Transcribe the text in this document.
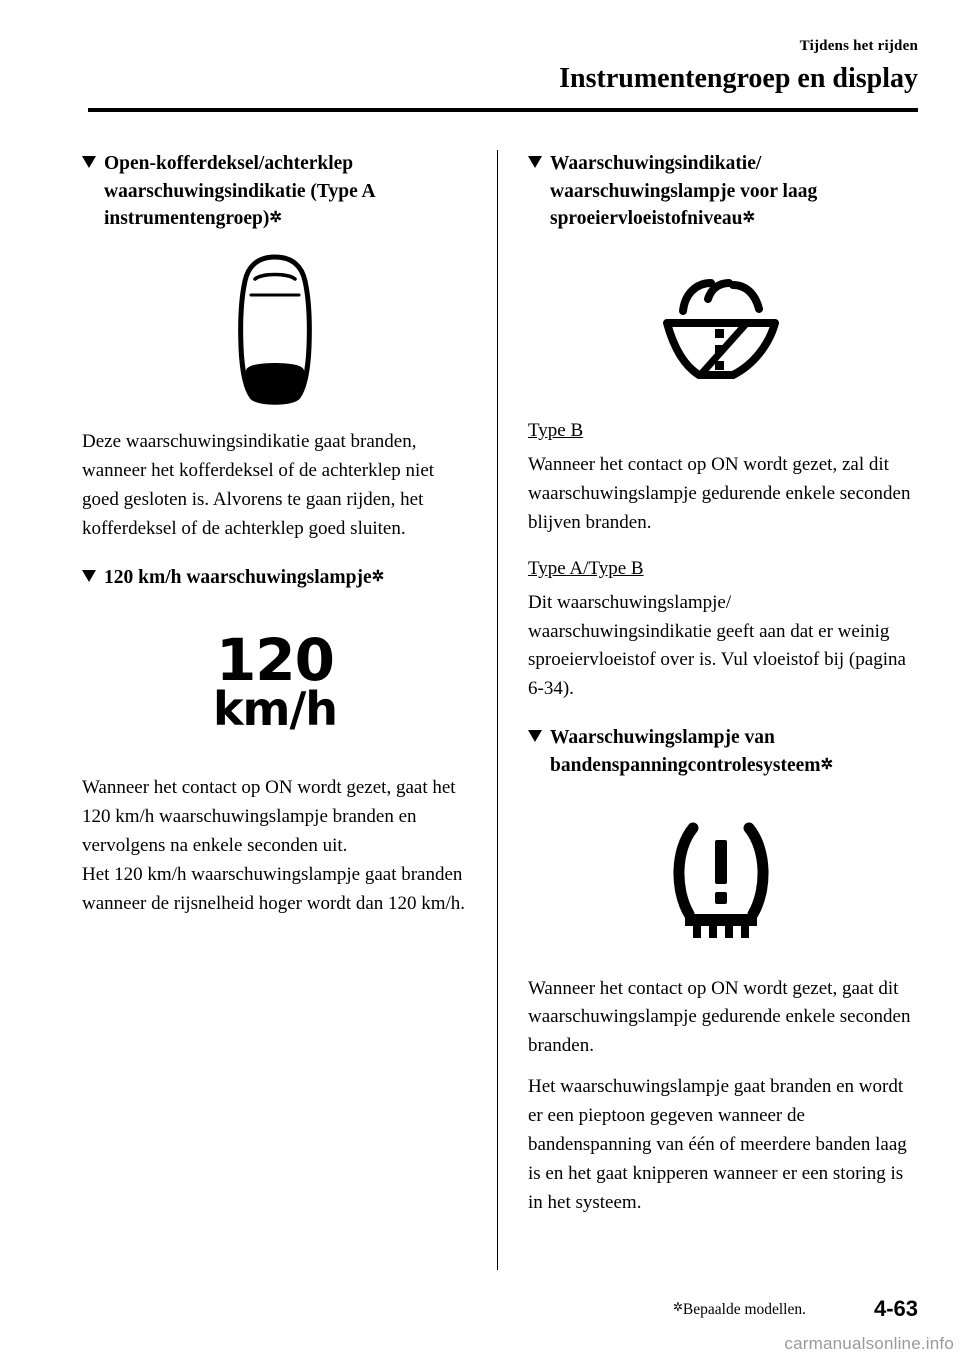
Tijdens het rijden
Instrumentengroep en display
Open-kofferdeksel/achterklep
waarschuwingsindikatie (Type A
instrumentengroep)✲

Deze waarschuwingsindikatie gaat branden, wanneer het kofferdeksel of de achterklep niet goed gesloten is. Alvorens te gaan rijden, het kofferdeksel of de achterklep goed sluiten.

120 km/h waarschuwingslampje✲
120
km/h

Wanneer het contact op ON wordt gezet, gaat het 120 km/h waarschuwingslampje branden en vervolgens na enkele seconden uit.

Het 120 km/h waarschuwingslampje gaat branden wanneer de rijsnelheid hoger wordt dan 120 km/h.

Waarschuwingsindikatie/
waarschuwingslampje voor laag
sproeiervloeistofniveau✲
Type B

Wanneer het contact op ON wordt gezet, zal dit waarschuwingslampje gedurende enkele seconden blijven branden.

Type A/Type B

Dit waarschuwingslampje/ waarschuwingsindikatie geeft aan dat er weinig sproeiervloeistof over is. Vul vloeistof bij (pagina 6-34).

Waarschuwingslampje van
bandenspanningcontrolesysteem✲

Wanneer het contact op ON wordt gezet, gaat dit waarschuwingslampje gedurende enkele seconden branden.

Het waarschuwingslampje gaat branden en wordt er een pieptoon gegeven wanneer de bandenspanning van één of meerdere banden laag is en het gaat knipperen wanneer er een storing is in het systeem.

✲Bepaalde modellen.	4-63
carmanualsonline.info
